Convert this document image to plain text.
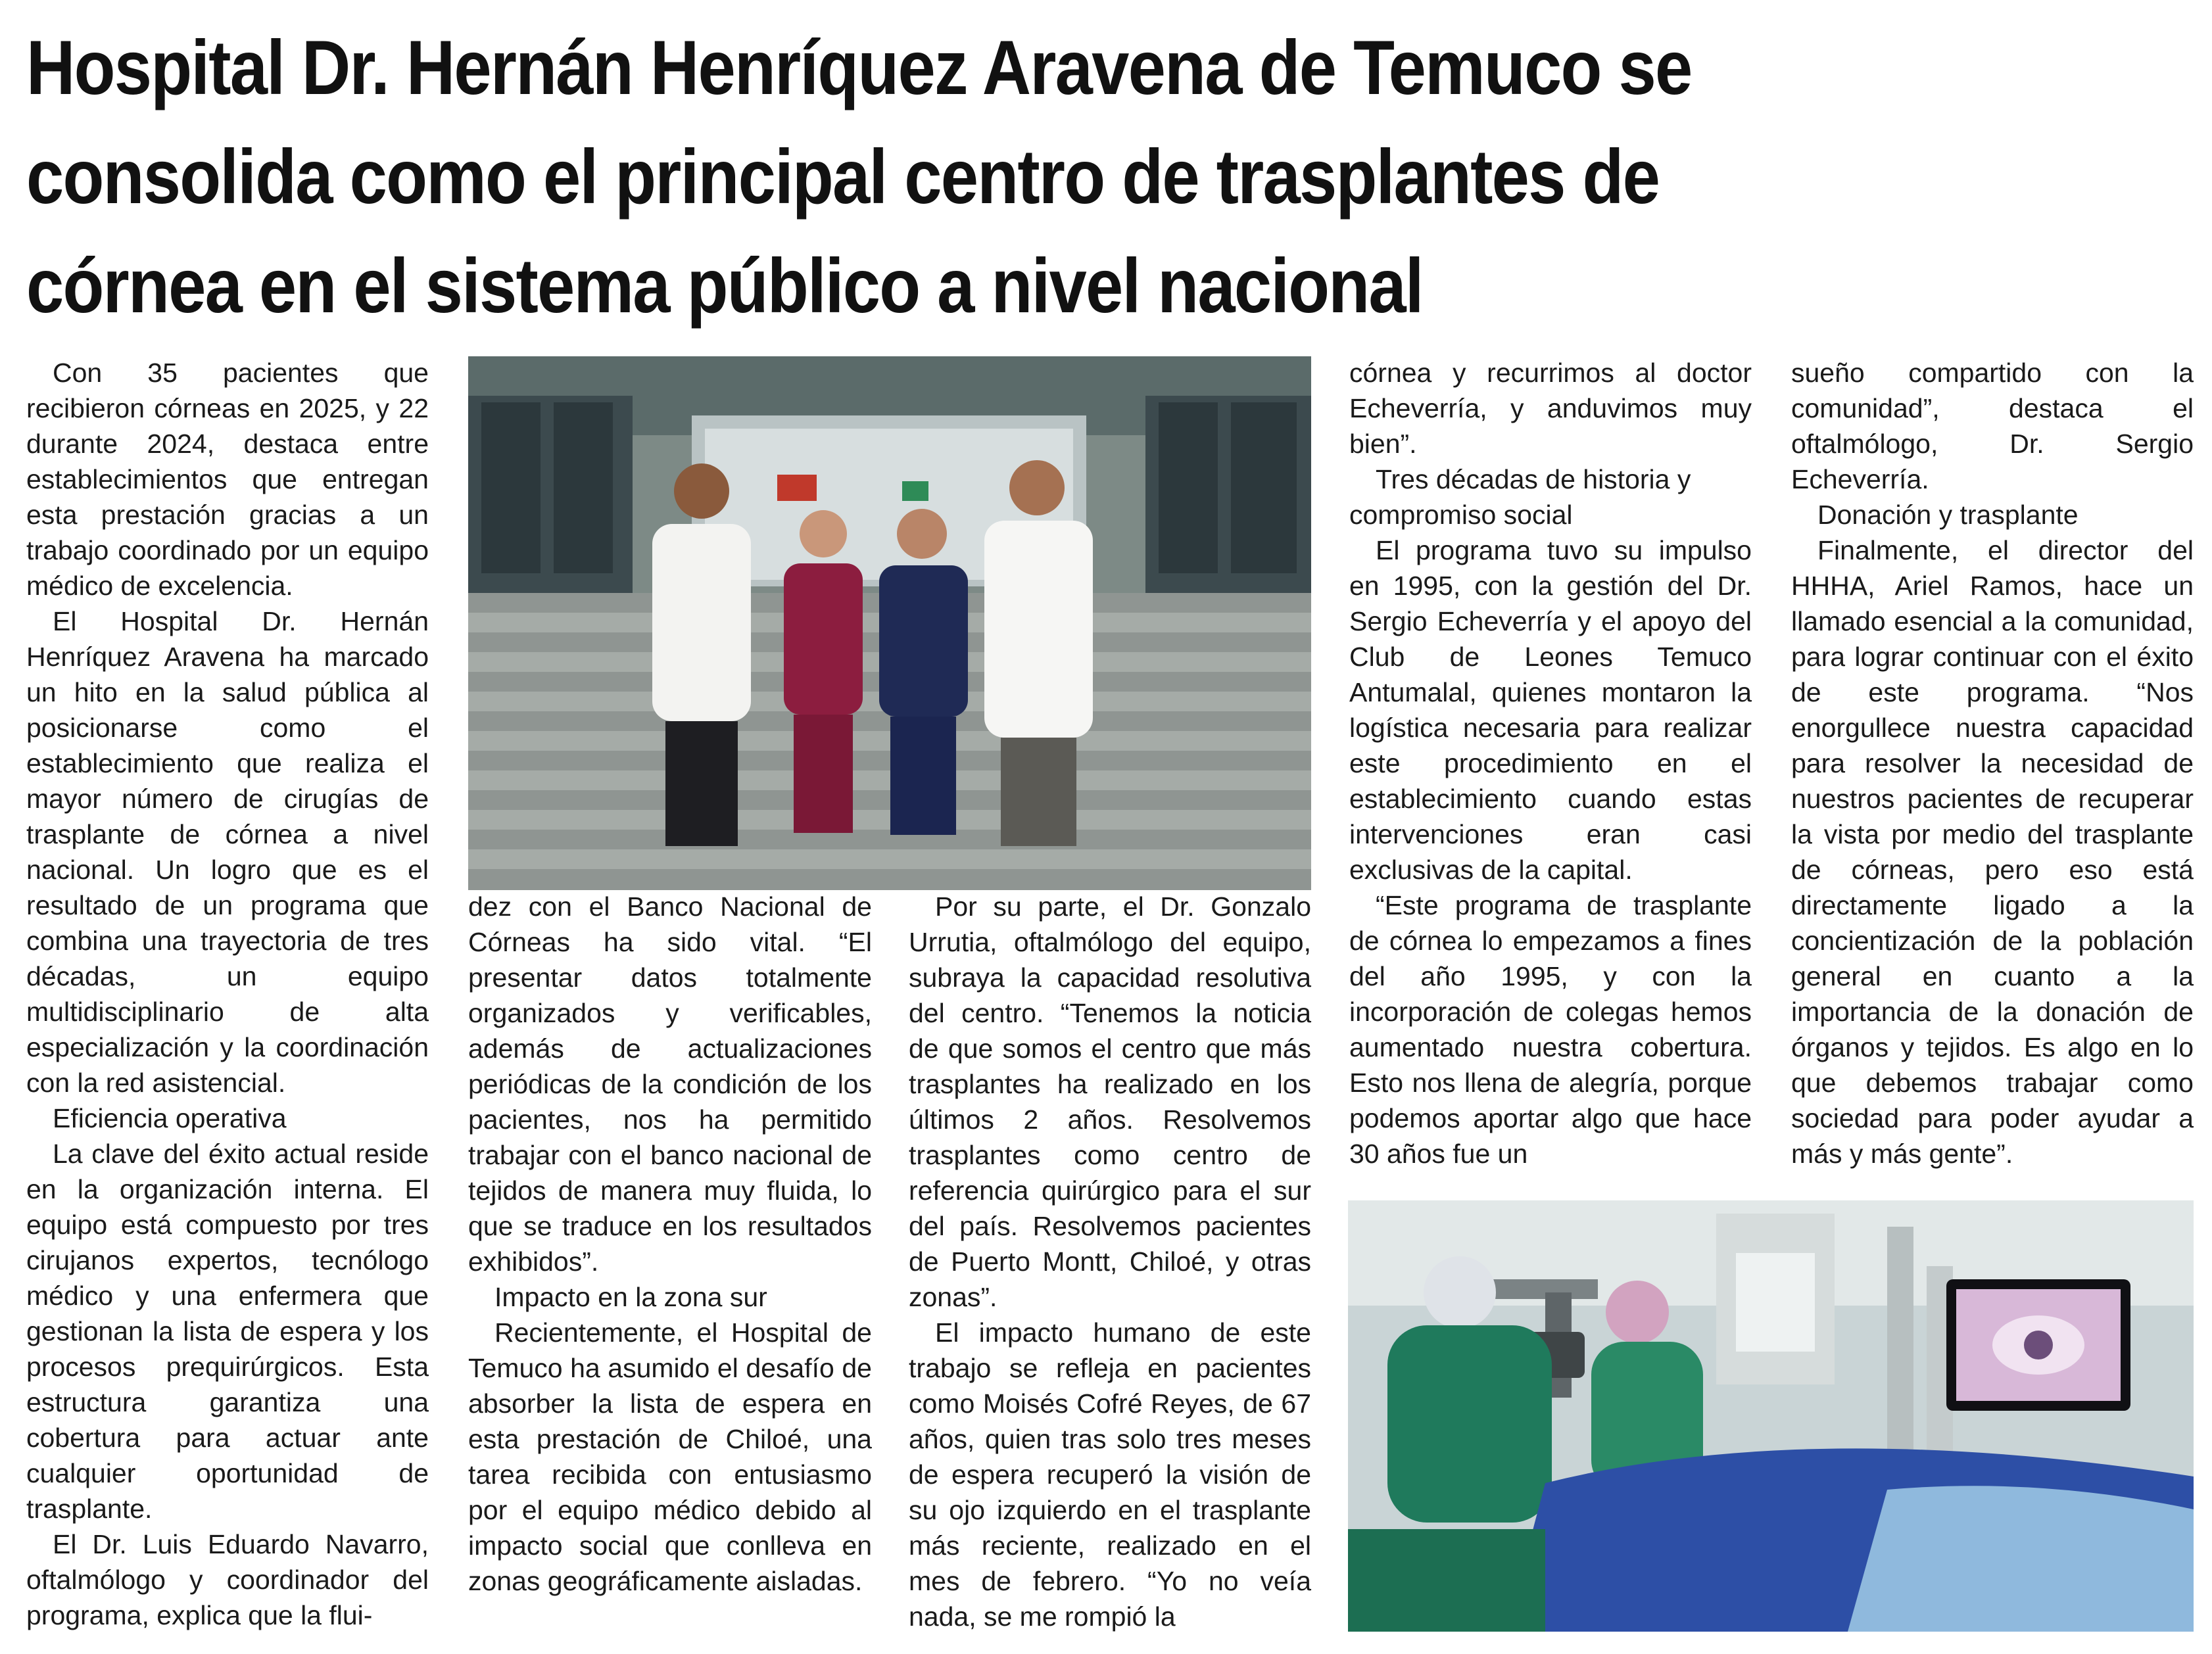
Hospital Dr. Hernán Henríquez Aravena de Temuco se
consolida como el principal centro de trasplantes de
córnea en el sistema público a nivel nacional

Con 35 pacientes que recibieron córneas en 2025, y 22 durante 2024, destaca entre establecimientos que entregan esta prestación gracias a un trabajo coordinado por un equipo médico de excelencia.

El Hospital Dr. Hernán Henríquez Aravena ha marcado un hito en la salud pública al posicionarse como el establecimiento que realiza el mayor número de cirugías de trasplante de córnea a nivel nacional. Un logro que es el resultado de un programa que combina una trayectoria de tres décadas, un equipo multidisciplinario de alta especialización y la coordinación con la red asistencial.

Eficiencia operativa

La clave del éxito actual reside en la organización interna. El equipo está compuesto por tres cirujanos expertos, tecnólogo médico y una enfermera que gestionan la lista de espera y los procesos prequirúrgicos. Esta estructura garantiza una cobertura para actuar ante cualquier oportunidad de trasplante.

El Dr. Luis Eduardo Navarro, oftalmólogo y coordinador del programa, explica que la flui-

dez con el Banco Nacional de Córneas ha sido vital. “El presentar datos totalmente organizados y verificables, además de actualizaciones periódicas de la condición de los pacientes, nos ha permitido trabajar con el banco nacional de tejidos de manera muy fluida, lo que se traduce en los resultados exhibidos”.

Impacto en la zona sur

Recientemente, el Hospital de Temuco ha asumido el desafío de absorber la lista de espera en esta prestación de Chiloé, una tarea recibida con entusiasmo por el equipo médico debido al impacto social que conlleva en zonas geográficamente aisladas.

Por su parte, el Dr. Gonzalo Urrutia, oftalmólogo del equipo, subraya la capacidad resolutiva del centro. “Tenemos la noticia de que somos el centro que más trasplantes ha realizado en los últimos 2 años. Resolvemos trasplantes como centro de referencia quirúrgico para el sur del país. Resolvemos pacientes de Puerto Montt, Chiloé, y otras zonas”.

El impacto humano de este trabajo se refleja en pacientes como Moisés Cofré Reyes, de 67 años, quien tras solo tres meses de espera recuperó la visión de su ojo izquierdo en el trasplante más reciente, realizado en el mes de febrero. “Yo no veía nada, se me rompió la

córnea y recurrimos al doctor Echeverría, y anduvimos muy bien”.

Tres décadas de historia y compromiso social

El programa tuvo su impulso en 1995, con la gestión del Dr. Sergio Echeverría y el apoyo del Club de Leones Temuco Antumalal, quienes montaron la logística necesaria para realizar este procedimiento en el establecimiento cuando estas intervenciones eran casi exclusivas de la capital.

“Este programa de trasplante de córnea lo empezamos a fines del año 1995, y con la incorporación de colegas hemos aumentado nuestra cobertura. Esto nos llena de alegría, porque podemos aportar algo que hace 30 años fue un

sueño compartido con la comunidad”, destaca el oftalmólogo, Dr. Sergio Echeverría.

Donación y trasplante

Finalmente, el director del HHHA, Ariel Ramos, hace un llamado esencial a la comunidad, para lograr continuar con el éxito de este programa. “Nos enorgullece nuestra capacidad para resolver la necesidad de nuestros pacientes de recuperar la vista por medio del trasplante de córneas, pero eso está directamente ligado a la concientización de la población general en cuanto a la importancia de la donación de órganos y tejidos. Es algo en lo que debemos trabajar como sociedad para poder ayudar a más y más gente”.
